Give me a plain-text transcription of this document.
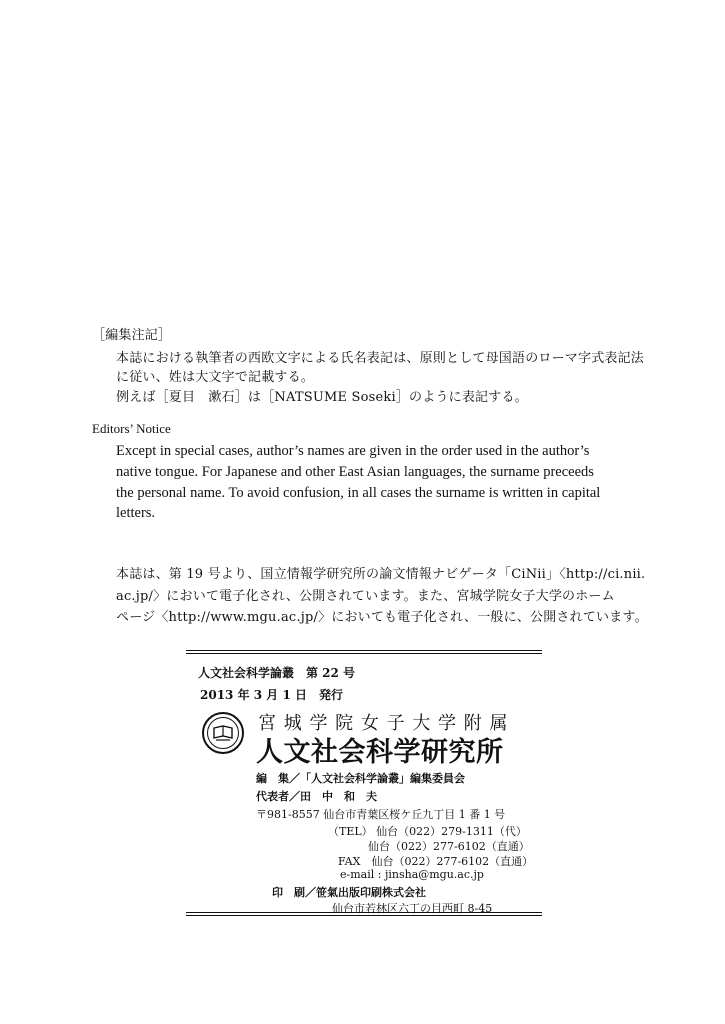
［編集注記］
本誌における執筆者の西欧文字による氏名表記は、原則として母国語のローマ字式表記法
に従い、姓は大文字で記載する。
例えば［夏目　漱石］は［NATSUME Soseki］のように表記する。
Editors’ Notice
Except in special cases, author’s names are given in the order used in the author’s
native tongue. For Japanese and other East Asian languages, the surname preceeds
the personal name. To avoid confusion, in all cases the surname is written in capital
letters.
本誌は、第 19 号より、国立情報学研究所の論文情報ナビゲータ「CiNii」〈http://ci.nii.
ac.jp/〉において電子化され、公開されています。また、宮城学院女子大学のホーム
ページ〈http://www.mgu.ac.jp/〉においても電子化され、一般に、公開されています。
人文社会科学論叢　第 22 号
2013 年 3 月 1 日　発行
宮 城 学 院 女 子 大 学 附 属
人文社会科学研究所
編　集／「人文社会科学論叢」編集委員会
代表者／田　中　和　夫
〒981-8557 仙台市青葉区桜ケ丘九丁目 1 番 1 号
（TEL） 仙台（022）279-1311（代）
仙台（022）277-6102（直通）
FAX　仙台（022）277-6102（直通）
e-mail : jinsha@mgu.ac.jp
印　刷／笹氣出版印刷株式会社
仙台市若林区六丁の目西町 8-45
